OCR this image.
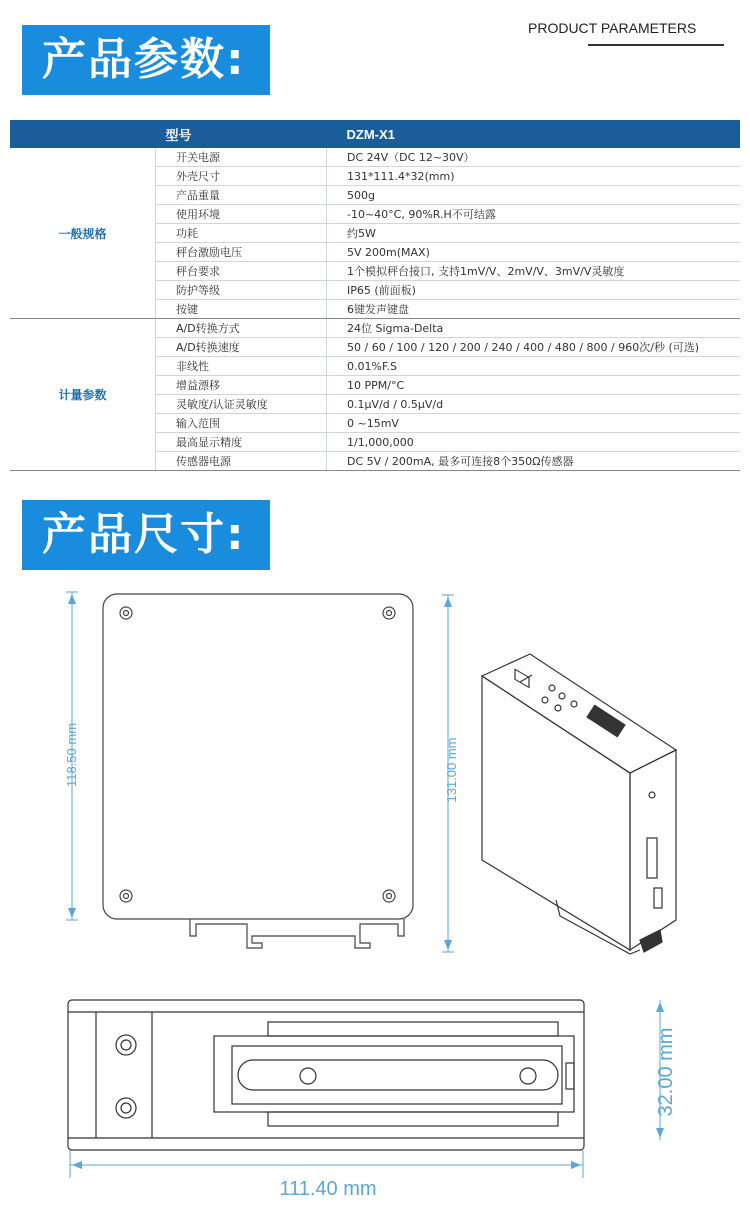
产品参数:
PRODUCT PARAMETERS
型号		DZM-X1
一般规格	开关电源	DC 24V（DC 12~30V）
	外壳尺寸	131*111.4*32(mm)
	产品重量	500g
	使用环境	-10~40°C, 90%R.H不可结露
	功耗	约5W
	秤台激励电压	5V 200m(MAX)
	秤台要求	1个模拟秤台接口, 支持1mV/V、2mV/V、3mV/V灵敏度
	防护等级	IP65 (前面板)
	按键	6键发声键盘
计量参数	A/D转换方式	24位 Sigma-Delta
	A/D转换速度	50 / 60 / 100 / 120 / 200 / 240 / 400 / 480 / 800 / 960次/秒 (可选)
	非线性	0.01%F.S
	增益漂移	10 PPM/°C
	灵敏度/认证灵敏度	0.1μV/d / 0.5μV/d
	输入范围	0 ~15mV
	最高显示精度	1/1,000,000
	传感器电源	DC 5V / 200mA, 最多可连接8个350Ω传感器
产品尺寸:
118.50 mm	131.00 mm
32.00 mm
111.40 mm
